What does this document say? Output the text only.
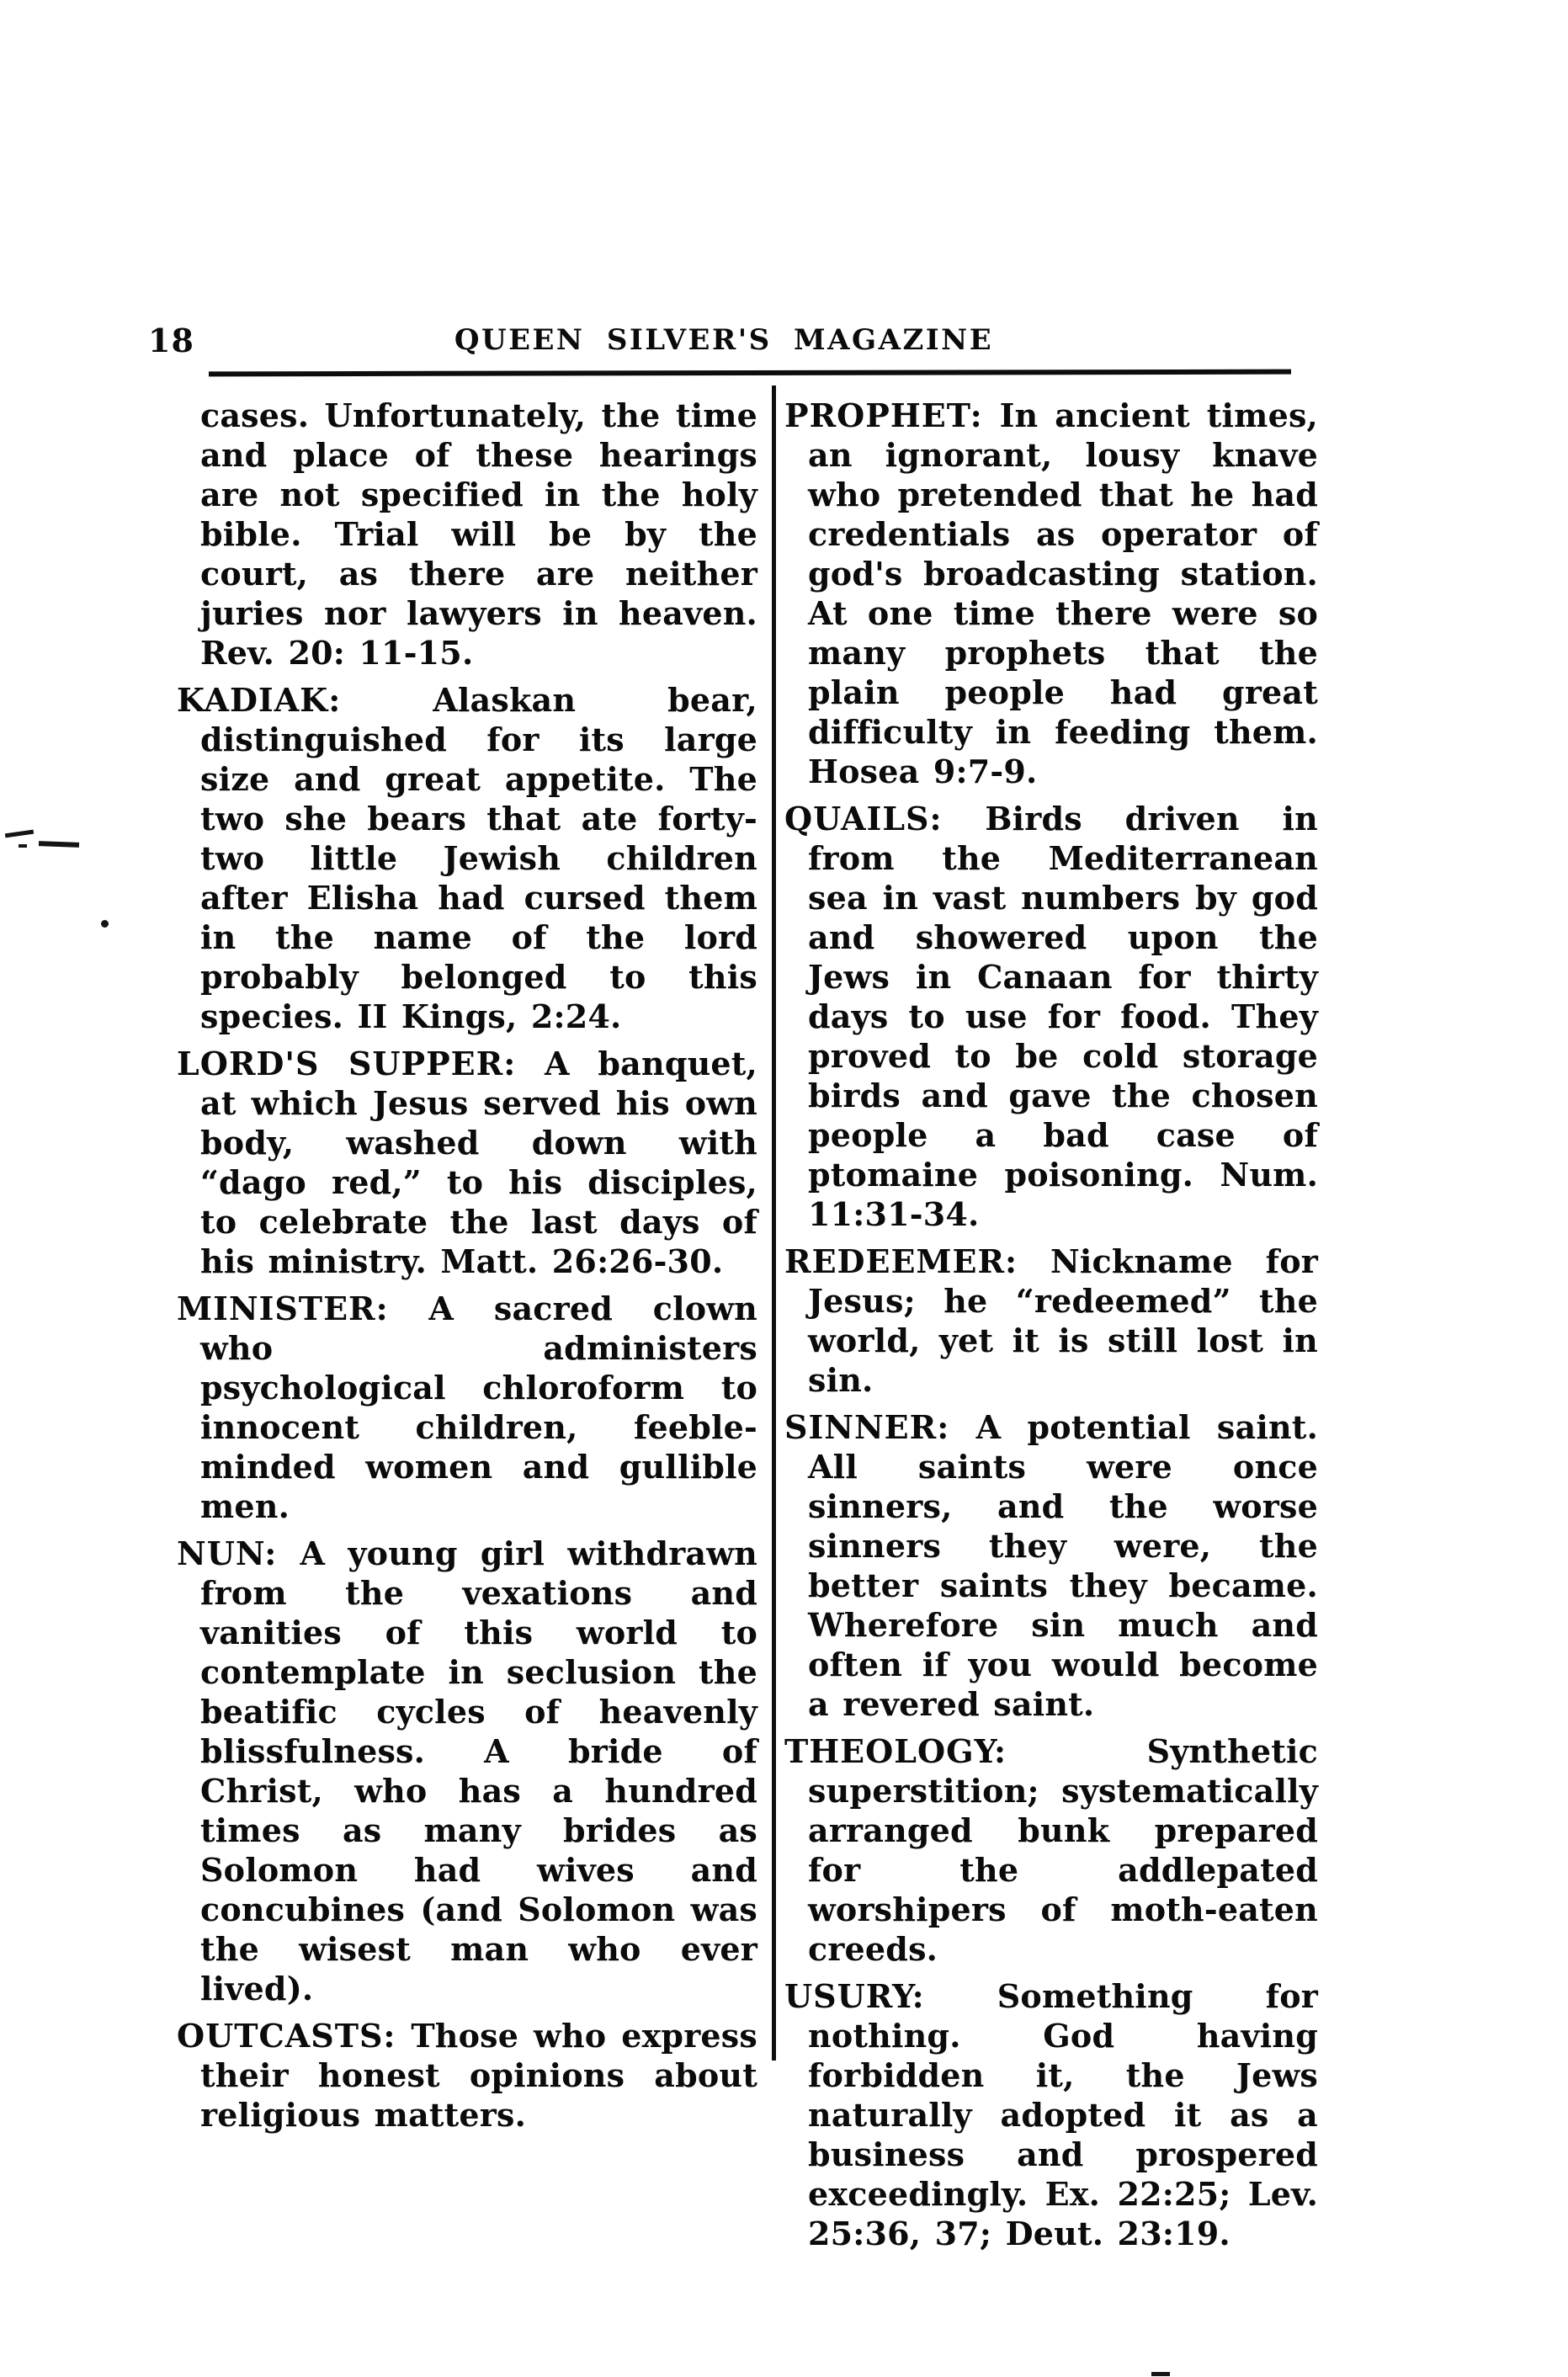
18	QUEEN SILVER'S MAGAZINE

cases. Unfortunately, the time and place of these hearings are not specified in the holy bible. Trial will be by the court, as there are neither juries nor lawyers in heaven. Rev. 20: 11-15.

KADIAK:	Alaskan bear, distinguished for its large size and great appetite. The two she bears that ate forty-two little Jewish children after Elisha had cursed them in the name of the lord probably belonged to this species. II Kings, 2:24.

LORD'S SUPPER: A banquet, at which Jesus served his own body, washed down with “dago red,” to his disciples, to celebrate the last days of his ministry. Matt. 26:26-30.

MINISTER: A sacred clown who administers psychological chloroform to innocent children, feeble-minded women and gullible men.

NUN: A young girl withdrawn from the vexations and vanities of this world to contemplate in seclusion the beatific cycles of heavenly blissfulness. A bride of Christ, who has a hundred times as many brides as Solomon had wives and concubines (and Solomon was the wisest man who ever lived).

OUTCASTS: Those who express their honest opinions about religious matters.

PROPHET: In ancient times, an ignorant, lousy knave who pretended that he had credentials as operator of god's broadcasting station. At one time there were so many prophets that the plain people had great difficulty in feeding them. Hosea 9:7-9.

QUAILS: Birds driven in from the Mediterranean sea in vast numbers by god and showered upon the Jews in Canaan for thirty days to use for food. They proved to be cold storage birds and gave the chosen people a bad case of ptomaine poisoning. Num. 11:31-34.

REDEEMER: Nickname for Jesus; he “redeemed” the world, yet it is still lost in sin.

SINNER: A potential saint. All saints were once sinners, and the worse sinners they were, the better saints they became. Wherefore sin much and often if you would become a revered saint.

THEOLOGY:	Synthetic superstition; systematically arranged bunk prepared for the addlepated worshipers of moth-eaten creeds.

USURY: Something for nothing. God having forbidden it, the Jews naturally adopted it as a business and prospered exceedingly. Ex. 22:25; Lev. 25:36, 37; Deut. 23:19.
